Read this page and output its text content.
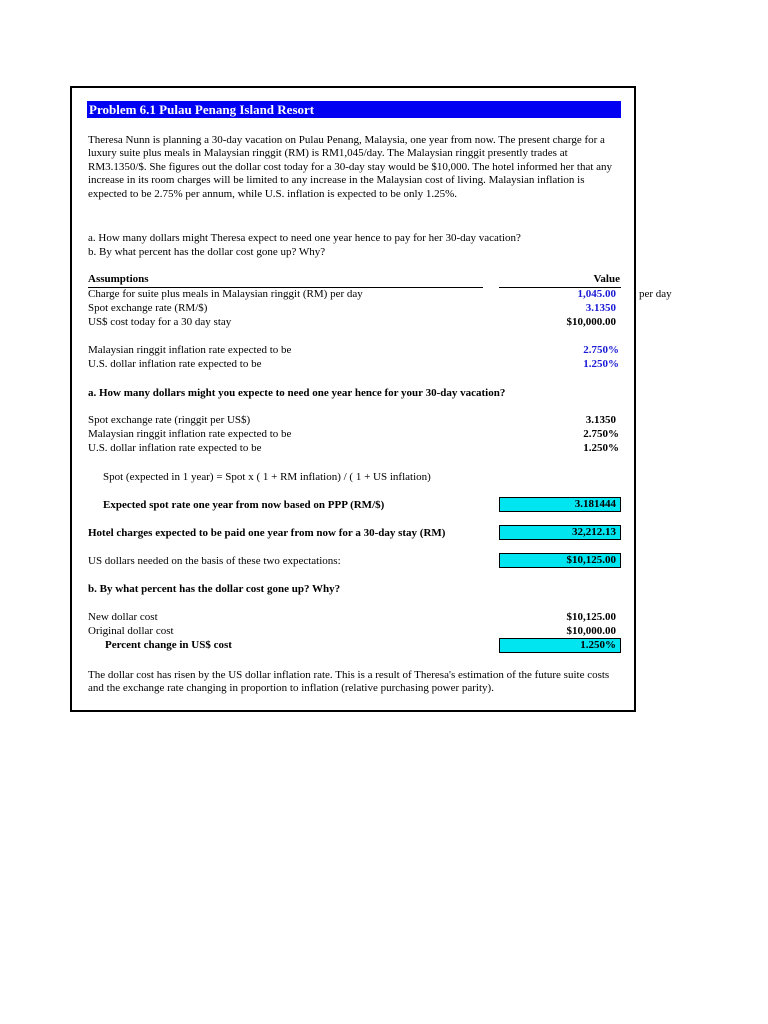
Problem 6.1 Pulau Penang Island Resort
Theresa Nunn is planning a 30-day vacation on Pulau Penang, Malaysia, one year from now. The present charge for a luxury suite plus meals in Malaysian ringgit (RM) is RM1,045/day. The Malaysian ringgit presently trades at RM3.1350/$. She figures out the dollar cost today for a 30-day stay would be $10,000. The hotel informed her that any increase in its room charges will be limited to any increase in the Malaysian cost of living. Malaysian inflation is expected to be 2.75% per annum, while U.S. inflation is expected to be only 1.25%.
a. How many dollars might Theresa expect to need one year hence to pay for her 30-day vacation?
b. By what percent has the dollar cost gone up? Why?
Assumptions	Value
Charge for suite plus meals in Malaysian ringgit (RM) per day	1,045.00 per day
Spot exchange rate (RM/$)	3.1350
US$ cost today for a 30 day stay	$10,000.00
Malaysian ringgit inflation rate expected to be	2.750%
U.S. dollar inflation rate expected to be	1.250%
a. How many dollars might you expecte to need one year hence for your 30-day vacation?
Spot exchange rate (ringgit per US$)	3.1350
Malaysian ringgit inflation rate expected to be	2.750%
U.S. dollar inflation rate expected to be	1.250%
Spot (expected in 1 year) = Spot x ( 1 + RM inflation) / ( 1 + US inflation)
Expected spot rate one year from now based on PPP (RM/$)	3.181444
Hotel charges expected to be paid one year from now for a 30-day stay (RM)	32,212.13
US dollars needed on the basis of these two expectations:	$10,125.00
b. By what percent has the dollar cost gone up? Why?
New dollar cost	$10,125.00
Original dollar cost	$10,000.00
Percent change in US$ cost	1.250%
The dollar cost has risen by the US dollar inflation rate. This is a result of Theresa's estimation of the future suite costs and the exchange rate changing in proportion to inflation (relative purchasing power parity).
